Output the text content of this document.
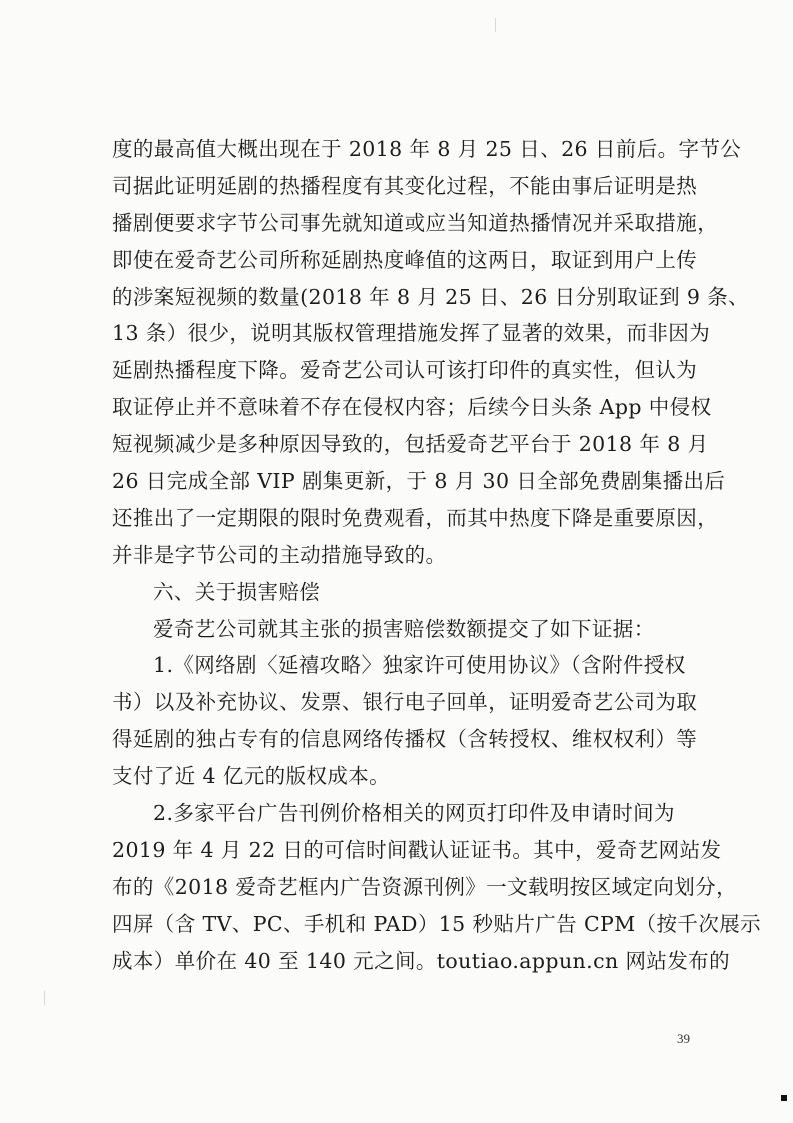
度的最高值大概出现在于 2018 年 8 月 25 日、26 日前后。字节公
司据此证明延剧的热播程度有其变化过程，不能由事后证明是热
播剧便要求字节公司事先就知道或应当知道热播情况并采取措施，
即使在爱奇艺公司所称延剧热度峰值的这两日，取证到用户上传
的涉案短视频的数量(2018 年 8 月 25 日、26 日分别取证到 9 条、
13 条）很少，说明其版权管理措施发挥了显著的效果，而非因为
延剧热播程度下降。爱奇艺公司认可该打印件的真实性，但认为
取证停止并不意味着不存在侵权内容；后续今日头条 App 中侵权
短视频减少是多种原因导致的，包括爱奇艺平台于 2018 年 8 月
26 日完成全部 VIP 剧集更新，于 8 月 30 日全部免费剧集播出后
还推出了一定期限的限时免费观看，而其中热度下降是重要原因，
并非是字节公司的主动措施导致的。
六、关于损害赔偿
爱奇艺公司就其主张的损害赔偿数额提交了如下证据：
1.《网络剧〈延禧攻略〉独家许可使用协议》（含附件授权
书）以及补充协议、发票、银行电子回单，证明爱奇艺公司为取
得延剧的独占专有的信息网络传播权（含转授权、维权权利）等
支付了近 4 亿元的版权成本。
2.多家平台广告刊例价格相关的网页打印件及申请时间为
2019 年 4 月 22 日的可信时间戳认证证书。其中，爱奇艺网站发
布的《2018 爱奇艺框内广告资源刊例》一文载明按区域定向划分，
四屏（含 TV、PC、手机和 PAD）15 秒贴片广告 CPM（按千次展示
成本）单价在 40 至 140 元之间。toutiao.appun.cn 网站发布的
39
